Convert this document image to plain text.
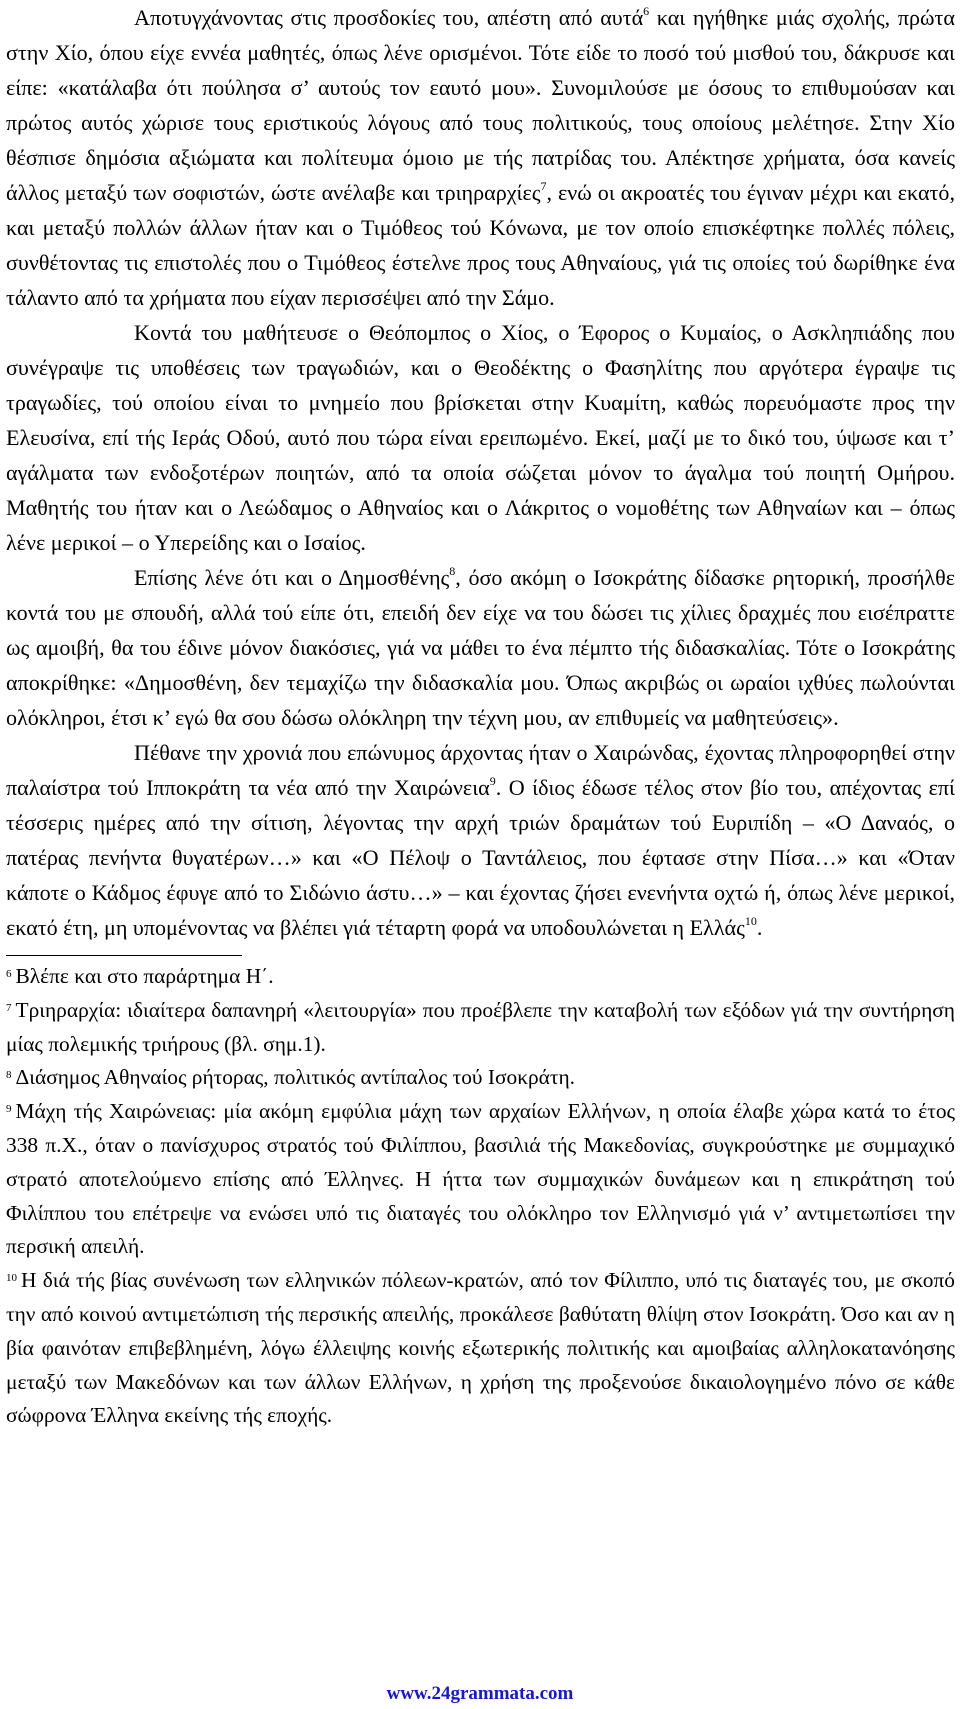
Αποτυγχάνοντας στις προσδοκίες του, απέστη από αυτά$^6$ και ηγήθηκε μιάς σχολής, πρώτα στην Χίο, όπου είχε εννέα μαθητές, όπως λένε ορισμένοι. Τότε είδε το ποσό τού μισθού του, δάκρυσε και είπε: «κατάλαβα ότι πούλησα σ’ αυτούς τον εαυτό μου». Συνομιλούσε με όσους το επιθυμούσαν και πρώτος αυτός χώρισε τους εριστικούς λόγους από τους πολιτικούς, τους οποίους μελέτησε. Στην Χίο θέσπισε δημόσια αξιώματα και πολίτευμα όμοιο με τής πατρίδας του. Απέκτησε χρήματα, όσα κανείς άλλος μεταξύ των σοφιστών, ώστε ανέλαβε και τριηραρχίες$^7$, ενώ οι ακροατές του έγιναν μέχρι και εκατό, και μεταξύ πολλών άλλων ήταν και ο Τιμόθεος τού Κόνωνα, με τον οποίο επισκέφτηκε πολλές πόλεις, συνθέτοντας τις επιστολές που ο Τιμόθεος έστελνε προς τους Αθηναίους, γιά τις οποίες τού δωρίθηκε ένα τάλαντο από τα χρήματα που είχαν περισσέψει από την Σάμο.

Κοντά του μαθήτευσε ο Θεόπομπος ο Χίος, ο Έφορος ο Κυμαίος, ο Ασκληπιάδης που συνέγραψε τις υποθέσεις των τραγωδιών, και ο Θεοδέκτης ο Φασηλίτης που αργότερα έγραψε τις τραγωδίες, τού οποίου είναι το μνημείο που βρίσκεται στην Κυαμίτη, καθώς πορευόμαστε προς την Ελευσίνα, επί τής Ιεράς Οδού, αυτό που τώρα είναι ερειπωμένο. Εκεί, μαζί με το δικό του, ύψωσε και τ’ αγάλματα των ενδοξοτέρων ποιητών, από τα οποία σώζεται μόνον το άγαλμα τού ποιητή Ομήρου. Μαθητής του ήταν και ο Λεώδαμος ο Αθηναίος και ο Λάκριτος ο νομοθέτης των Αθηναίων και – όπως λένε μερικοί – ο Υπερείδης και ο Ισαίος.

Επίσης λένε ότι και ο Δημοσθένης$^8$, όσο ακόμη ο Ισοκράτης δίδασκε ρητορική, προσήλθε κοντά του με σπουδή, αλλά τού είπε ότι, επειδή δεν είχε να του δώσει τις χίλιες δραχμές που εισέπραττε ως αμοιβή, θα του έδινε μόνον διακόσιες, γιά να μάθει το ένα πέμπτο τής διδασκαλίας. Τότε ο Ισοκράτης αποκρίθηκε: «Δημοσθένη, δεν τεμαχίζω την διδασκαλία μου. Όπως ακριβώς οι ωραίοι ιχθύες πωλούνται ολόκληροι, έτσι κ’ εγώ θα σου δώσω ολόκληρη την τέχνη μου, αν επιθυμείς να μαθητεύσεις».

Πέθανε την χρονιά που επώνυμος άρχοντας ήταν ο Χαιρώνδας, έχοντας πληροφορηθεί στην παλαίστρα τού Ιπποκράτη τα νέα από την Χαιρώνεια$^9$. Ο ίδιος έδωσε τέλος στον βίο του, απέχοντας επί τέσσερις ημέρες από την σίτιση, λέγοντας την αρχή τριών δραμάτων τού Ευριπίδη – «Ο Δαναός, ο πατέρας πενήντα θυγατέρων…» και «Ο Πέλοψ ο Ταντάλειος, που έφτασε στην Πίσα…» και «Όταν κάποτε ο Κάδμος έφυγε από το Σιδώνιο άστυ…» – και έχοντας ζήσει ενενήντα οχτώ ή, όπως λένε μερικοί, εκατό έτη, μη υπομένοντας να βλέπει γιά τέταρτη φορά να υποδουλώνεται η Ελλάς$^{10}$.

$^6$ Βλέπε και στο παράρτημα Η΄.

$^7$ Τριηραρχία: ιδιαίτερα δαπανηρή «λειτουργία» που προέβλεπε την καταβολή των εξόδων γιά την συντήρηση μίας πολεμικής τριήρους (βλ. σημ.1).

$^8$ Διάσημος Αθηναίος ρήτορας, πολιτικός αντίπαλος τού Ισοκράτη.

$^9$ Μάχη τής Χαιρώνειας: μία ακόμη εμφύλια μάχη των αρχαίων Ελλήνων, η οποία έλαβε χώρα κατά το έτος 338 π.Χ., όταν ο πανίσχυρος στρατός τού Φιλίππου, βασιλιά τής Μακεδονίας, συγκρούστηκε με συμμαχικό στρατό αποτελούμενο επίσης από Έλληνες. Η ήττα των συμμαχικών δυνάμεων και η επικράτηση τού Φιλίππου του επέτρεψε να ενώσει υπό τις διαταγές του ολόκληρο τον Ελληνισμό γιά ν’ αντιμετωπίσει την περσική απειλή.

$^{10}$ Η διά τής βίας συνένωση των ελληνικών πόλεων-κρατών, από τον Φίλιππο, υπό τις διαταγές του, με σκοπό την από κοινού αντιμετώπιση τής περσικής απειλής, προκάλεσε βαθύτατη θλίψη στον Ισοκράτη. Όσο και αν η βία φαινόταν επιβεβλημένη, λόγω έλλειψης κοινής εξωτερικής πολιτικής και αμοιβαίας αλληλοκατανόησης μεταξύ των Μακεδόνων και των άλλων Ελλήνων, η χρήση της προξενούσε δικαιολογημένο πόνο σε κάθε σώφρονα Έλληνα εκείνης τής εποχής.

www.24grammata.com
